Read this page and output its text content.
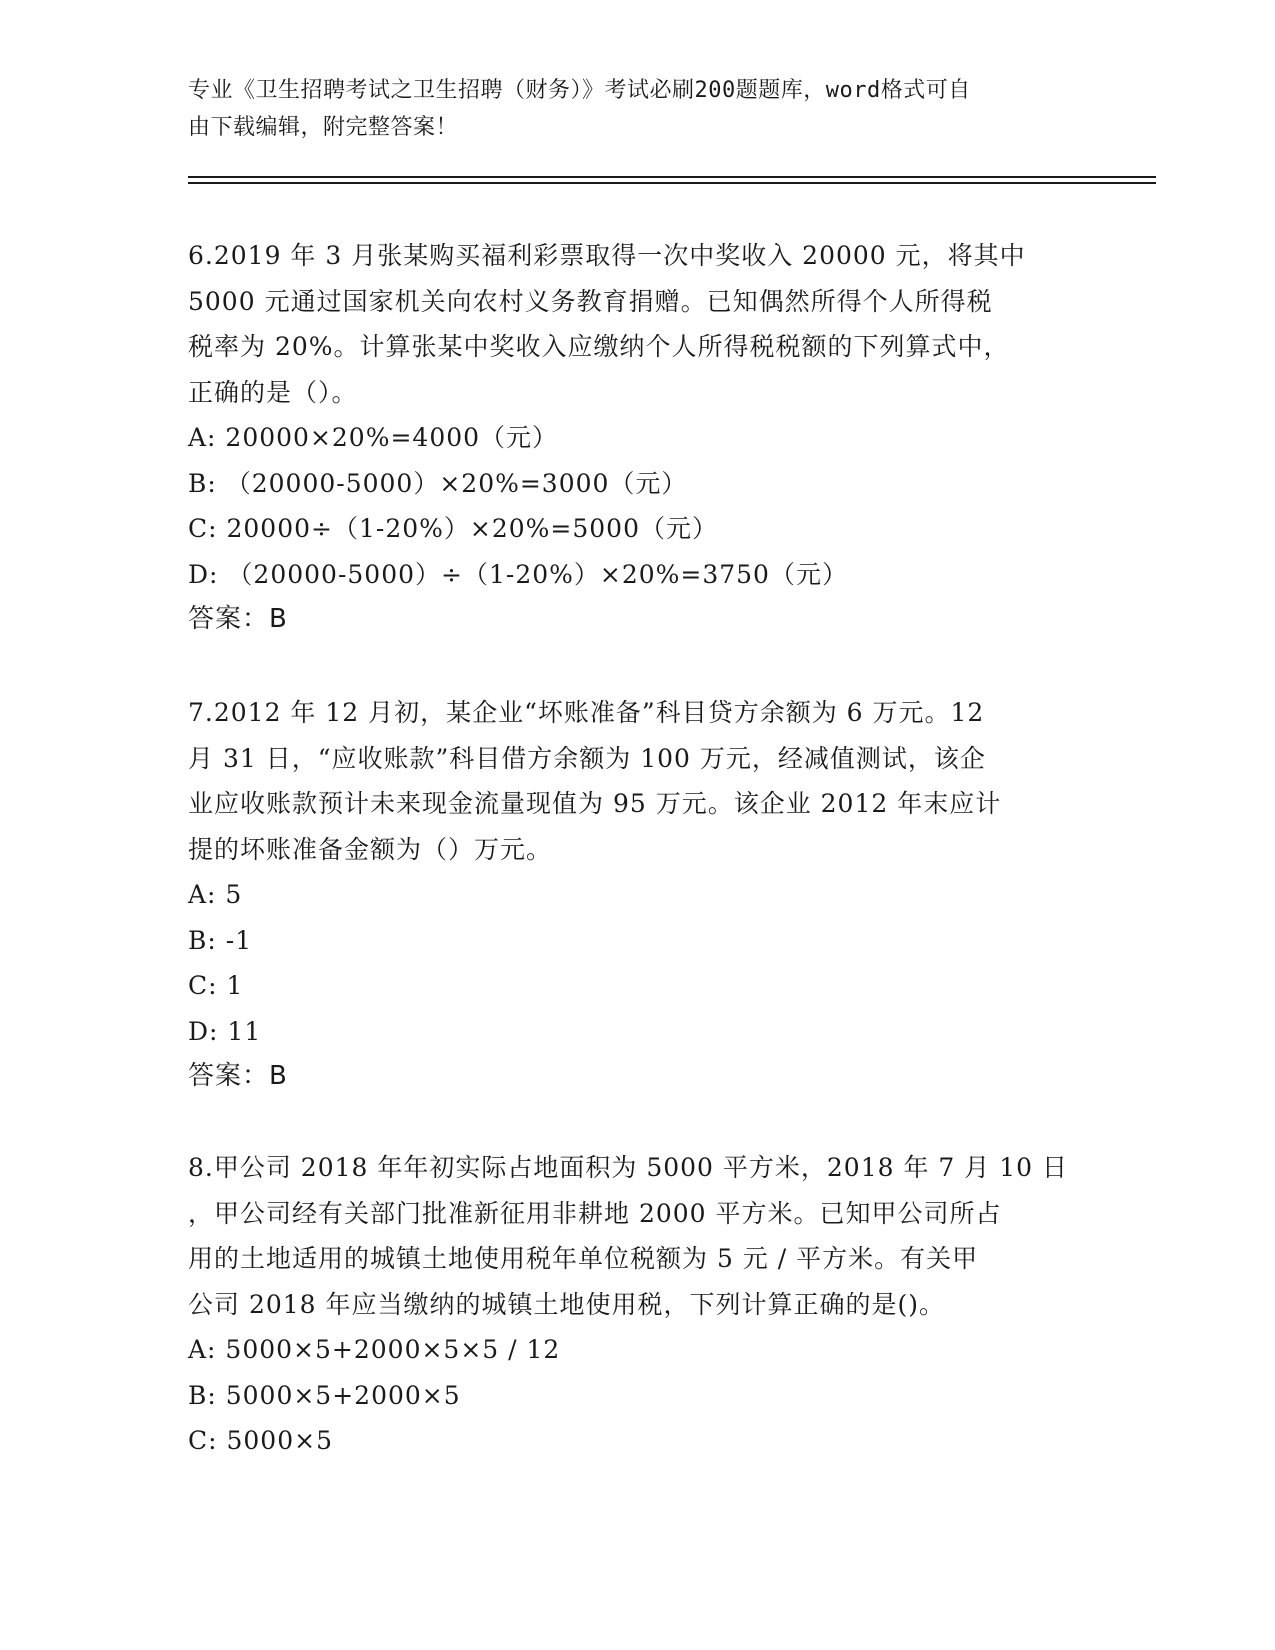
专业《卫生招聘考试之卫生招聘（财务）》考试必刷200题题库，word格式可自
由下载编辑，附完整答案！

6.2019 年 3 月张某购买福利彩票取得一次中奖收入 20000 元，将其中

5000 元通过国家机关向农村义务教育捐赠。已知偶然所得个人所得税

税率为 20%。计算张某中奖收入应缴纳个人所得税税额的下列算式中，

正确的是（）。

A: 20000×20%=4000（元）

B: （20000-5000）×20%=3000（元）

C: 20000÷（1-20%）×20%=5000（元）

D: （20000-5000）÷（1-20%）×20%=3750（元）

答案：B

7.2012 年 12 月初，某企业“坏账准备”科目贷方余额为 6 万元。12

月 31 日，“应收账款”科目借方余额为 100 万元，经减值测试，该企

业应收账款预计未来现金流量现值为 95 万元。该企业 2012 年末应计

提的坏账准备金额为（）万元。

A: 5

B: -1

C: 1

D: 11

答案：B

8.甲公司 2018 年年初实际占地面积为 5000 平方米，2018 年 7 月 10 日

，甲公司经有关部门批准新征用非耕地 2000 平方米。已知甲公司所占

用的土地适用的城镇土地使用税年单位税额为 5 元 / 平方米。有关甲

公司 2018 年应当缴纳的城镇土地使用税，下列计算正确的是()。

A: 5000×5+2000×5×5 / 12

B: 5000×5+2000×5

C: 5000×5
